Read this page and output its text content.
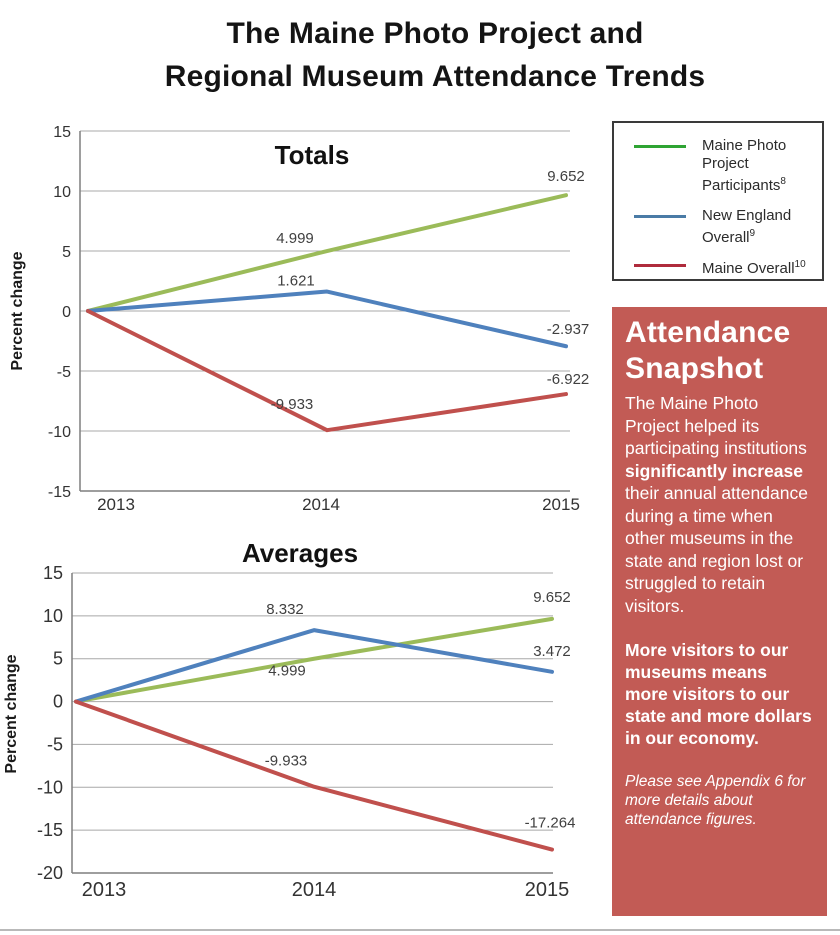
The Maine Photo Project and
Regional Museum Attendance Trends
15
10
5
0
-5
-10
-15
2013	2014	2015
4.999
9.652
1.621
-2.937
-9.933
-6.922
Totals
Percent change
15
10
5
0
-5
-10
-15
-20
2013	2014	2015
4.999
9.652
8.332
3.472
-9.933
-17.264
Averages
Percent change
Maine Photo Project
Participants$^8$
New England
Overall$^9$
Maine Overall$^{10}$
Attendance
Snapshot

The Maine Photo Project helped its participating institutions significantly increase their annual attendance during a time when other museums in the state and region lost or struggled to retain visitors.

More visitors to our museums means more visitors to our state and more dollars in our economy.

Please see Appendix 6 for more details about attendance figures.
